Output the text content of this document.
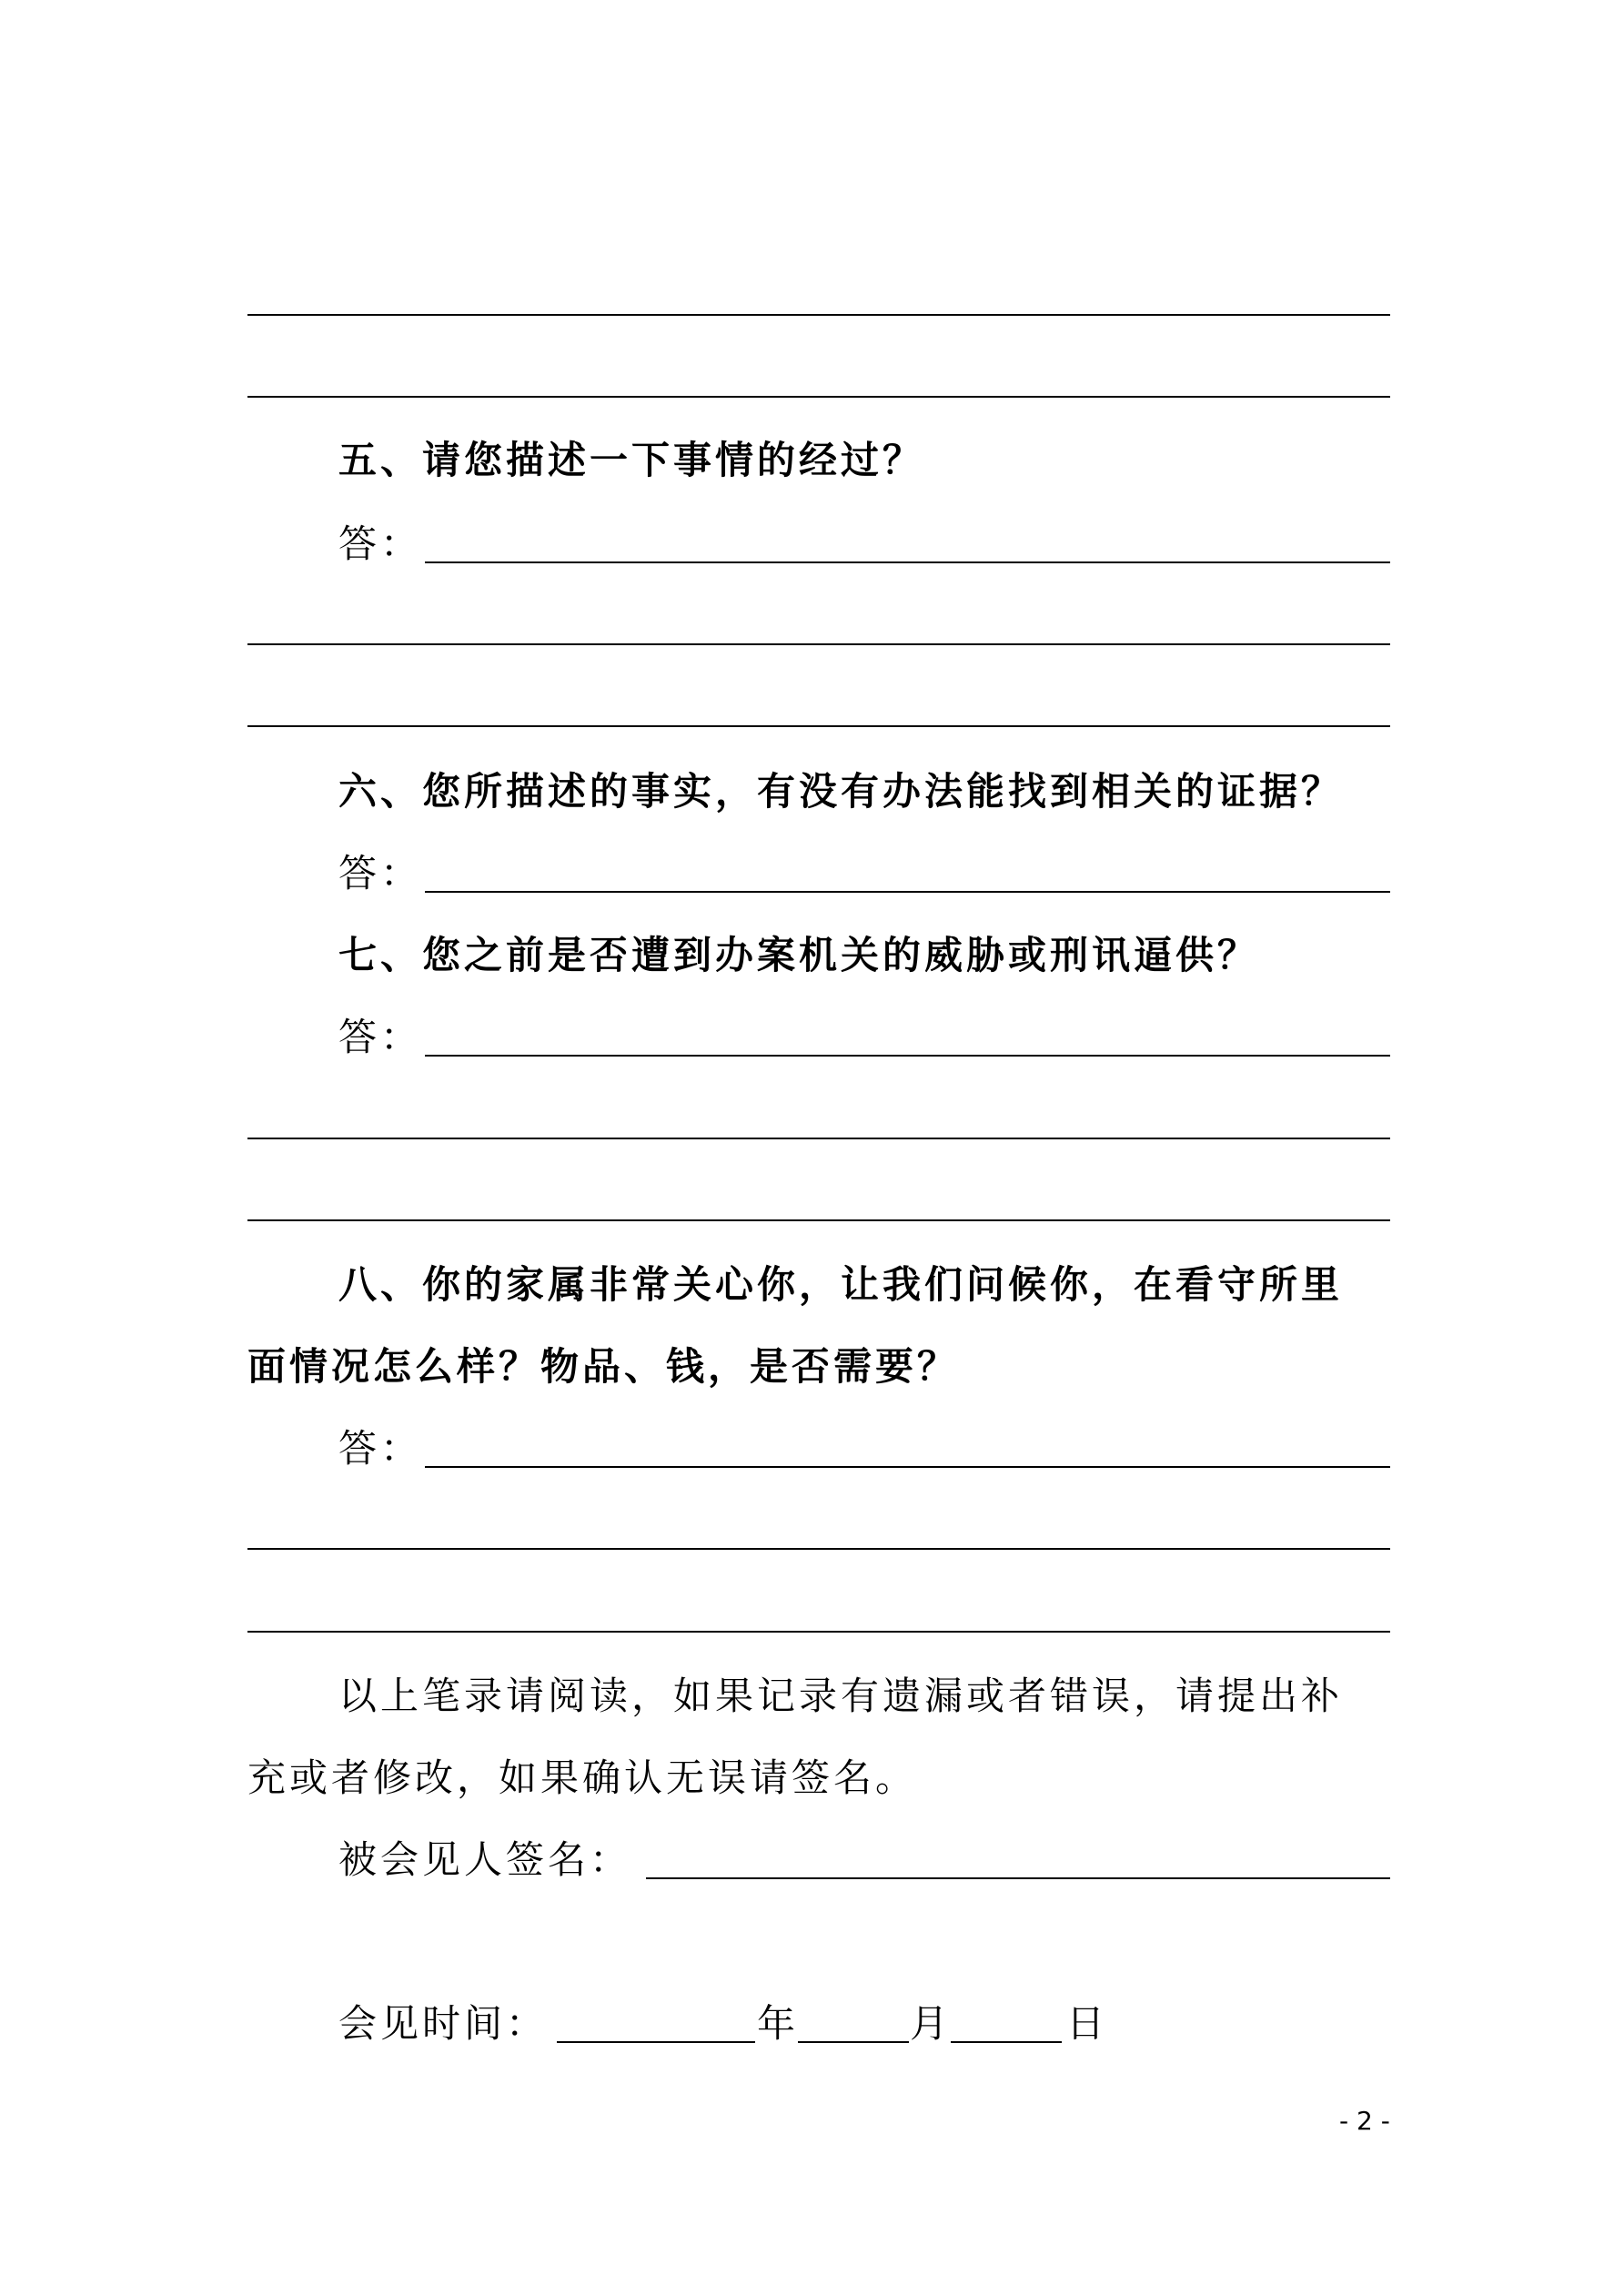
五、请您描述一下事情的经过？
答：
六、您所描述的事实，有没有办法能找到相关的证据？
答：
七、您之前是否遭到办案机关的威胁或刑讯逼供？
答：
八、你的家属非常关心你，让我们问候你，在看守所里
面情况怎么样？物品、钱，是否需要？
答：
以上笔录请阅读，如果记录有遗漏或者错误，请提出补
充或者修改，如果确认无误请签名。
被会见人签名：
会见时间：	年	月	日
- 2 -
